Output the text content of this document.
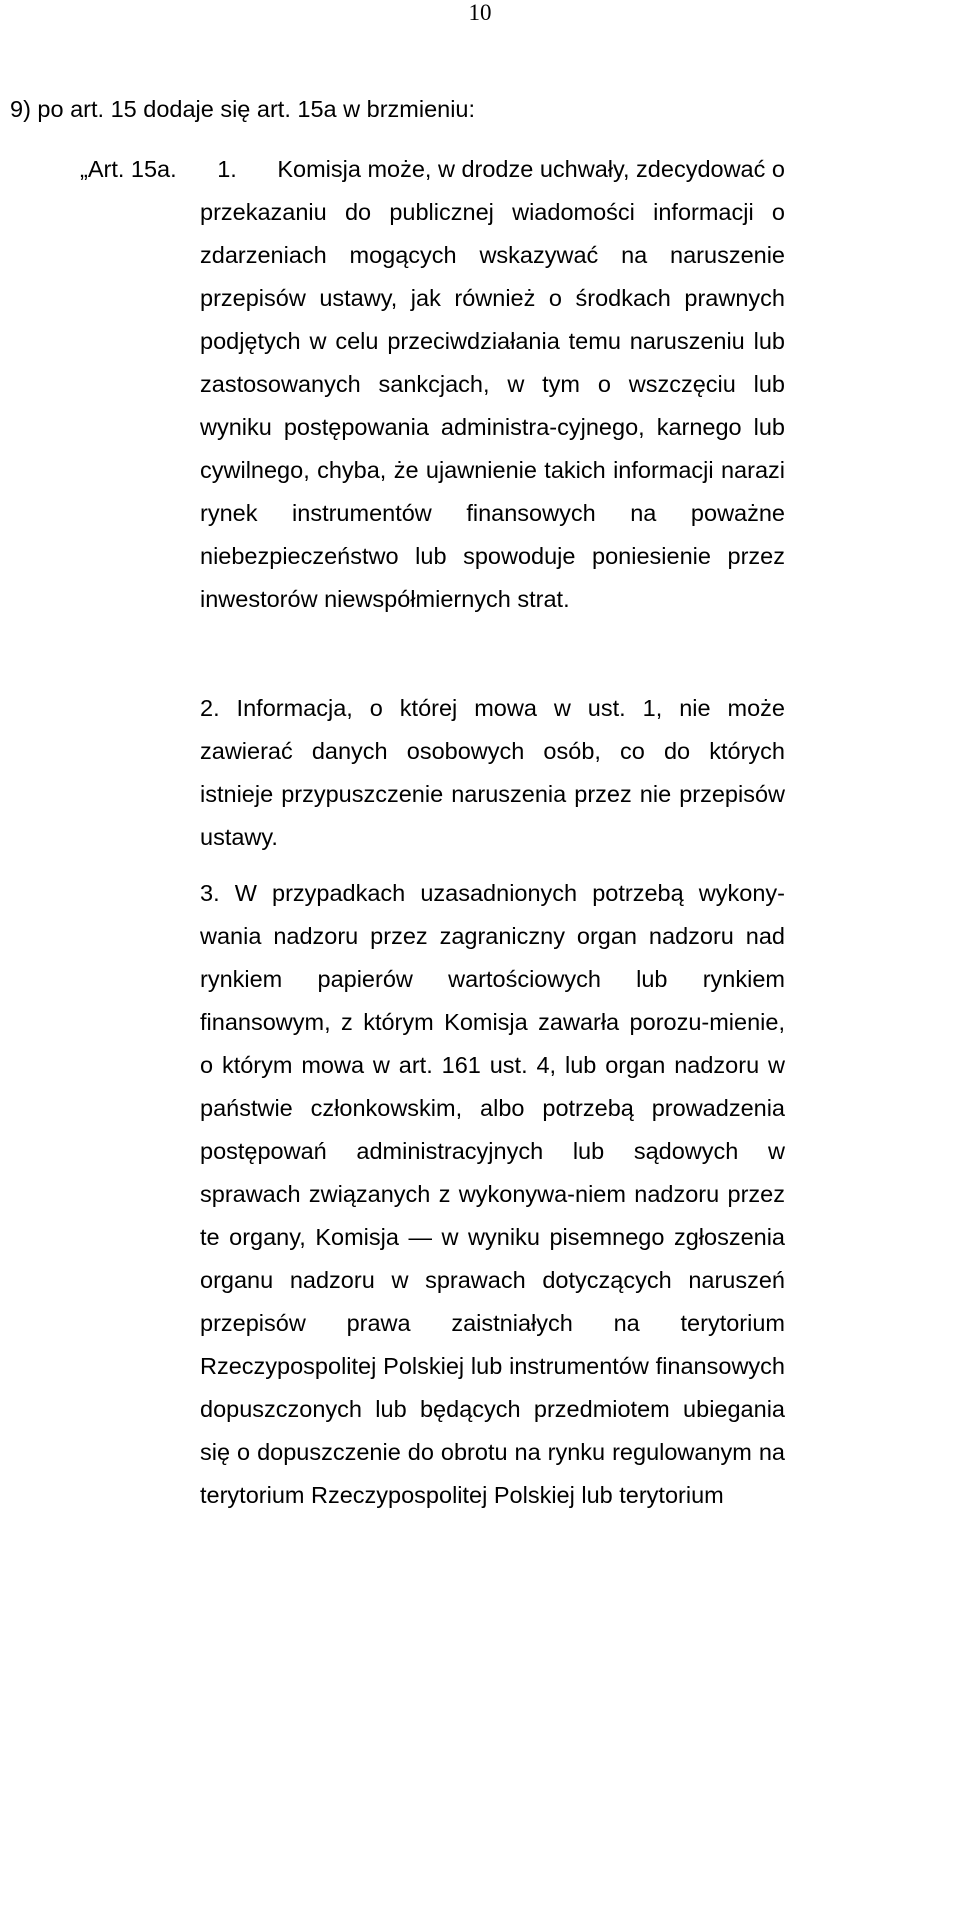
10
9) po art. 15 dodaje się art. 15a w brzmieniu:
„Art. 15a. 1. Komisja może, w drodze uchwały, zdecydować o
przekazaniu do publicznej wiadomości informacji o zdarzeniach mogących wskazywać na naruszenie przepisów ustawy, jak również o środkach prawnych podjętych w celu przeciwdziałania temu naruszeniu lub zastosowanych sankcjach, w tym o wszczęciu lub wyniku postępowania administra-cyjnego, karnego lub cywilnego, chyba, że ujawnienie takich informacji narazi rynek instrumentów finansowych na poważne niebezpieczeństwo lub spowoduje poniesienie przez inwestorów niewspółmiernych strat.
2. Informacja, o której mowa w ust. 1, nie może zawierać danych osobowych osób, co do których istnieje przypuszczenie naruszenia przez nie przepisów ustawy.
3. W przypadkach uzasadnionych potrzebą wykony-wania nadzoru przez zagraniczny organ nadzoru nad rynkiem papierów wartościowych lub rynkiem finansowym, z którym Komisja zawarła porozu-mienie, o którym mowa w art. 161 ust. 4, lub organ nadzoru w państwie członkowskim, albo potrzebą prowadzenia postępowań administracyjnych lub sądowych w sprawach związanych z wykonywa-niem nadzoru przez te organy, Komisja — w wyniku pisemnego zgłoszenia organu nadzoru w sprawach dotyczących naruszeń przepisów prawa zaistniałych na terytorium Rzeczypospolitej Polskiej lub instrumentów finansowych dopuszczonych lub będących przedmiotem ubiegania się o dopuszczenie do obrotu na rynku regulowanym na terytorium Rzeczypospolitej Polskiej lub terytorium
